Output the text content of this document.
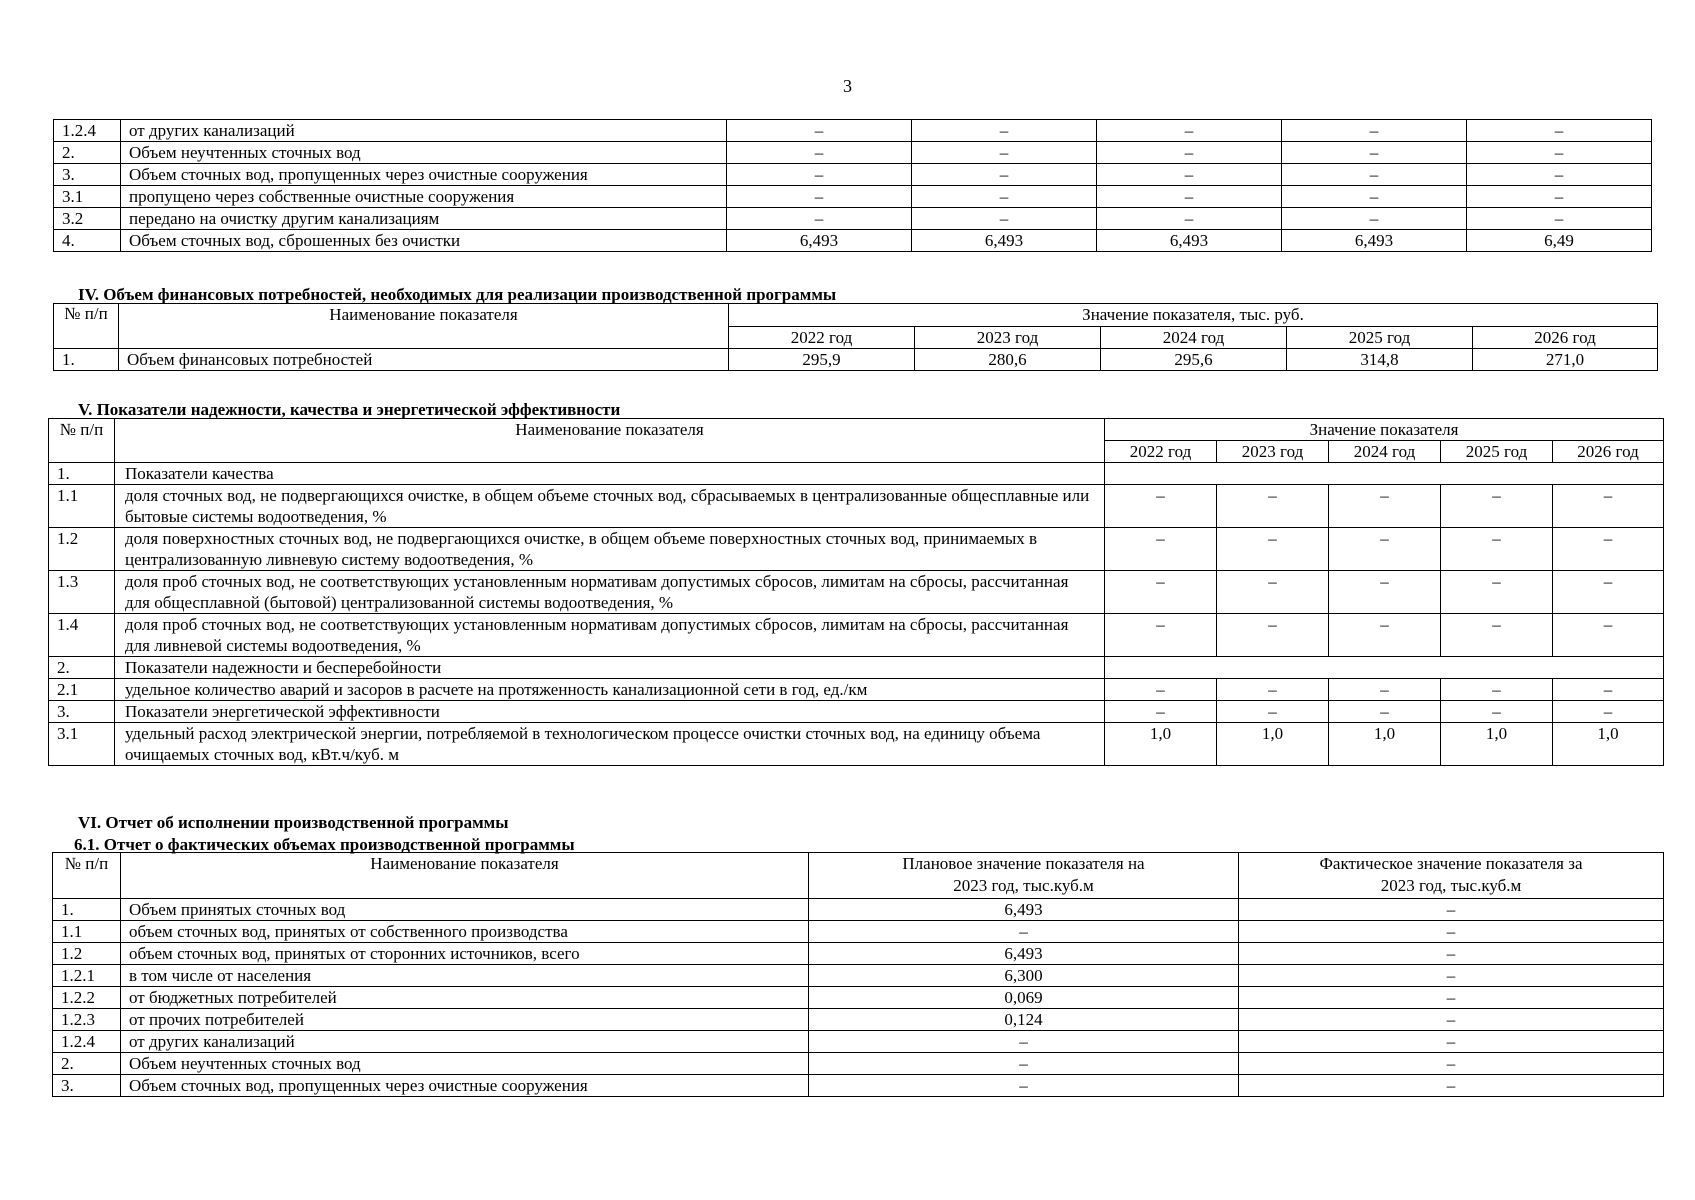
3
1.2.4	от других канализаций	–	–	–	–	–
2.	Объем неучтенных сточных вод	–	–	–	–	–
3.	Объем сточных вод, пропущенных через очистные сооружения	–	–	–	–	–
3.1	пропущено через собственные очистные сооружения	–	–	–	–	–
3.2	передано на очистку другим канализациям	–	–	–	–	–
4.	Объем сточных вод, сброшенных без очистки	6,493	6,493	6,493	6,493	6,49
IV. Объем финансовых потребностей, необходимых для реализации производственной программы
№ п/п	Наименование показателя	Значение показателя, тыс. руб.				
		2022 год	2023 год	2024 год	2025 год	2026 год
1.	Объем финансовых потребностей	295,9	280,6	295,6	314,8	271,0
V. Показатели надежности, качества и энергетической эффективности
№ п/п	Наименование показателя	Значение показателя				
		2022 год	2023 год	2024 год	2025 год	2026 год
1.	Показатели качества					
1.1	доля сточных вод, не подвергающихся очистке, в общем объеме сточных вод, сбрасываемых в централизованные общесплавные или бытовые системы водоотведения, %	–	–	–	–	–
1.2	доля поверхностных сточных вод, не подвергающихся очистке, в общем объеме поверхностных сточных вод, принимаемых в централизованную ливневую систему водоотведения, %	–	–	–	–	–
1.3	доля проб сточных вод, не соответствующих установленным нормативам допустимых сбросов, лимитам на сбросы, рассчитанная для общесплавной (бытовой) централизованной системы водоотведения, %	–	–	–	–	–
1.4	доля проб сточных вод, не соответствующих установленным нормативам допустимых сбросов, лимитам на сбросы, рассчитанная для ливневой системы водоотведения, %	–	–	–	–	–
2.	Показатели надежности и бесперебойности					
2.1	удельное количество аварий и засоров в расчете на протяженность канализационной сети в год, ед./км	–	–	–	–	–
3.	Показатели энергетической эффективности	–	–	–	–	–
3.1	удельный расход электрической энергии, потребляемой в технологическом процессе очистки сточных вод, на единицу объема очищаемых сточных вод, кВт.ч/куб. м	1,0	1,0	1,0	1,0	1,0
VI. Отчет об исполнении производственной программы
6.1. Отчет о фактических объемах производственной программы
№ п/п	Наименование показателя	Плановое значение показателя на 2023 год, тыс.куб.м	Фактическое значение показателя за 2023 год, тыс.куб.м
1.	Объем принятых сточных вод	6,493	–
1.1	объем сточных вод, принятых от собственного производства	–	–
1.2	объем сточных вод, принятых от сторонних источников, всего	6,493	–
1.2.1	в том числе от населения	6,300	–
1.2.2	от бюджетных потребителей	0,069	–
1.2.3	от прочих потребителей	0,124	–
1.2.4	от других канализаций	–	–
2.	Объем неучтенных сточных вод	–	–
3.	Объем сточных вод, пропущенных через очистные сооружения	–	–
